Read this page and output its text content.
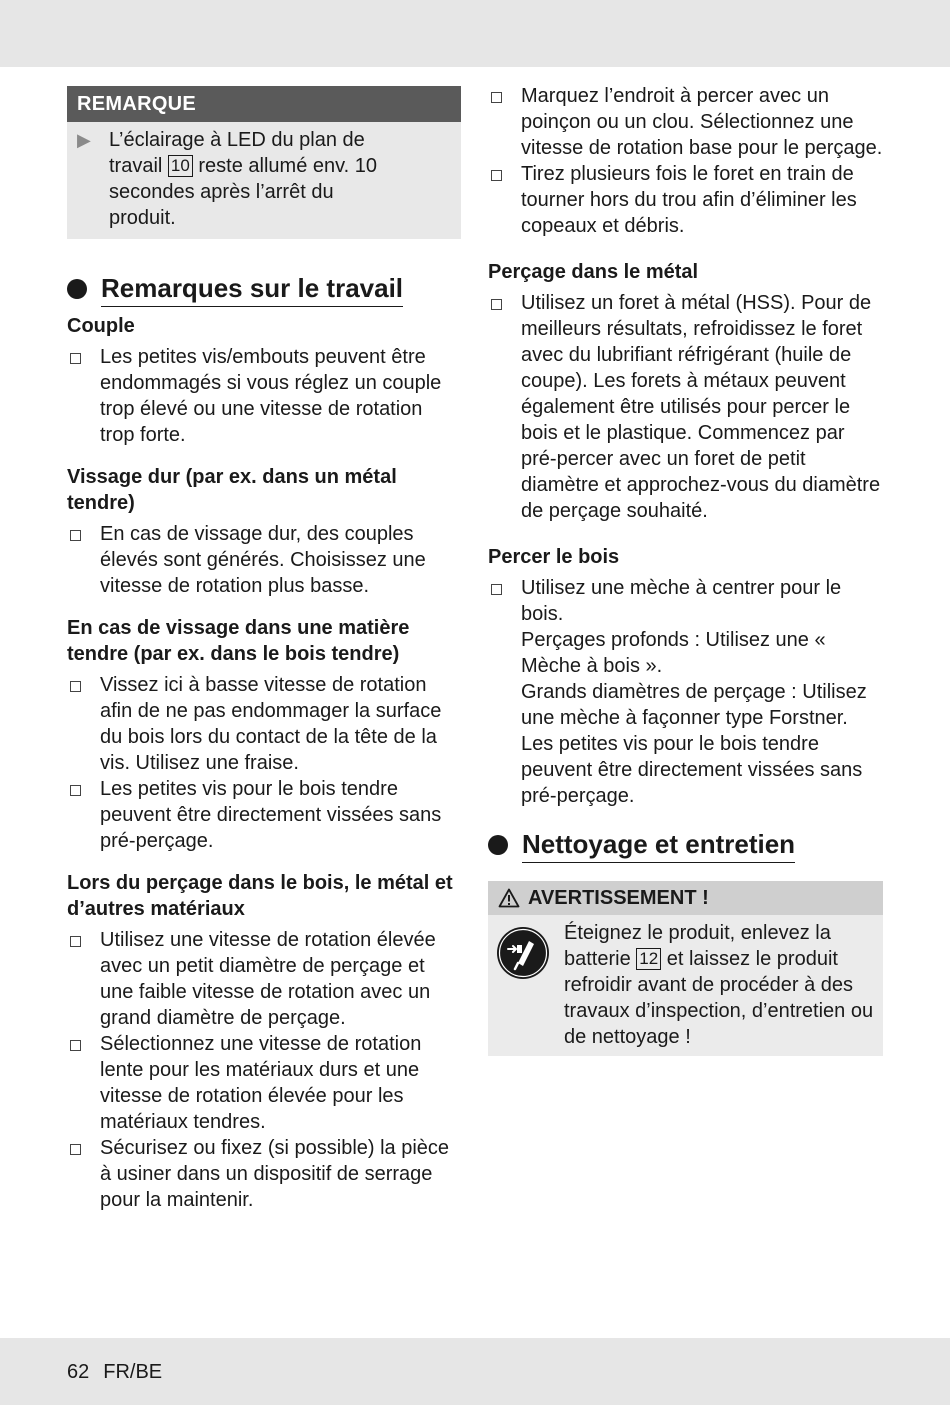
REMARQUE
▶ L’éclairage à LED du plan de travail 10 reste allumé env. 10 secondes après l’arrêt du produit.
Remarques sur le travail
Couple
Les petites vis/embouts peuvent être endommagés si vous réglez un couple trop élevé ou une vitesse de rotation trop forte.
Vissage dur (par ex. dans un métal tendre)
En cas de vissage dur, des couples élevés sont générés. Choisissez une vitesse de rotation plus basse.
En cas de vissage dans une matière tendre (par ex. dans le bois tendre)
Vissez ici à basse vitesse de rotation afin de ne pas endommager la surface du bois lors du contact de la tête de la vis. Utilisez une fraise.
Les petites vis pour le bois tendre peuvent être directement vissées sans pré-perçage.
Lors du perçage dans le bois, le métal et d’autres matériaux
Utilisez une vitesse de rotation élevée avec un petit diamètre de perçage et une faible vitesse de rotation avec un grand diamètre de perçage.
Sélectionnez une vitesse de rotation lente pour les matériaux durs et une vitesse de rotation élevée pour les matériaux tendres.
Sécurisez ou fixez (si possible) la pièce à usiner dans un dispositif de serrage pour la maintenir.
Marquez l’endroit à percer avec un poinçon ou un clou. Sélectionnez une vitesse de rotation base pour le perçage.
Tirez plusieurs fois le foret en train de tourner hors du trou afin d’éliminer les copeaux et débris.
Perçage dans le métal
Utilisez un foret à métal (HSS). Pour de meilleurs résultats, refroidissez le foret avec du lubrifiant réfrigérant (huile de coupe). Les forets à métaux peuvent également être utilisés pour percer le bois et le plastique. Commencez par pré-percer avec un foret de petit diamètre et approchez-vous du diamètre de perçage souhaité.
Percer le bois
Utilisez une mèche à centrer pour le bois.
Perçages profonds : Utilisez une « Mèche à bois ».
Grands diamètres de perçage : Utilisez une mèche à façonner type Forstner.
Les petites vis pour le bois tendre peuvent être directement vissées sans pré-perçage.
Nettoyage et entretien
AVERTISSEMENT !
Éteignez le produit, enlevez la batterie 12 et laissez le produit refroidir avant de procéder à des travaux d’inspection, d’entretien ou de nettoyage !
62 FR/BE
